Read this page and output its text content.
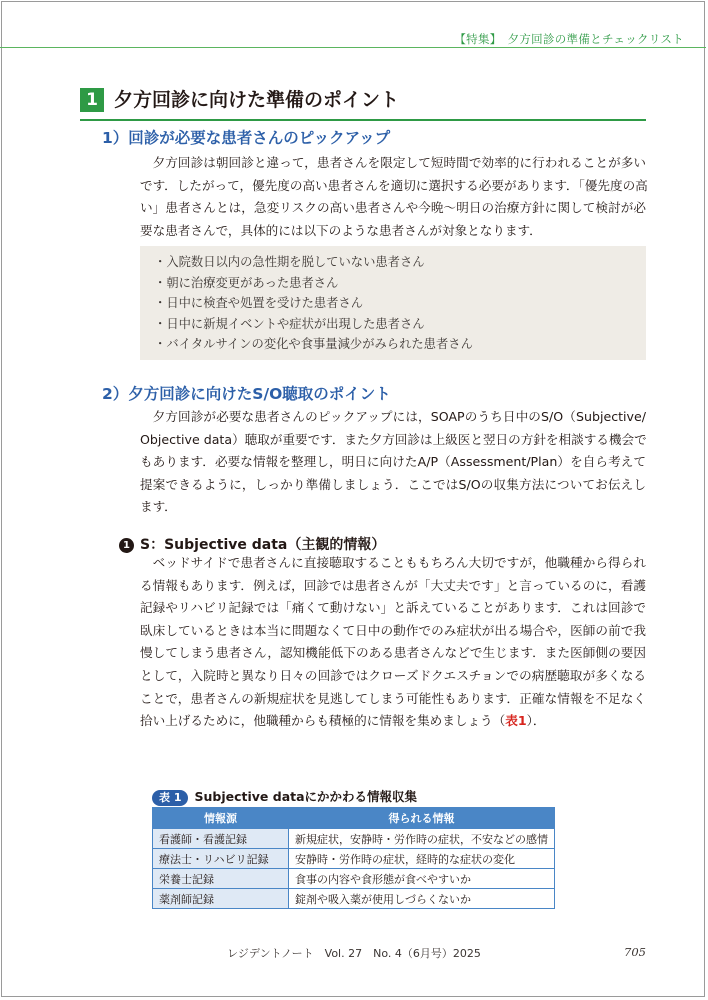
【特集】 夕方回診の準備とチェックリスト
1 夕方回診に向けた準備のポイント
1）回診が必要な患者さんのピックアップ
夕方回診は朝回診と違って，患者さんを限定して短時間で効率的に行われることが多い
です．したがって，優先度の高い患者さんを適切に選択する必要があります．「優先度の高
い」患者さんとは，急変リスクの高い患者さんや今晩〜明日の治療方針に関して検討が必
要な患者さんで，具体的には以下のような患者さんが対象となります．
・ 入院数日以内の急性期を脱していない患者さん
・ 朝に治療変更があった患者さん
・ 日中に検査や処置を受けた患者さん
・ 日中に新規イベントや症状が出現した患者さん
・ バイタルサインの変化や食事量減少がみられた患者さん
2）夕方回診に向けたS/O聴取のポイント
夕方回診が必要な患者さんのピックアップには，SOAPのうち日中のS/O（Subjective/
Objective data）聴取が重要です．また夕方回診は上級医と翌日の方針を相談する機会で
もあります．必要な情報を整理し，明日に向けたA/P（Assessment/Plan）を自ら考えて
提案できるように，しっかり準備しましょう．ここではS/Oの収集方法についてお伝えし
ます．
1 S：Subjective data（主観的情報）
ベッドサイドで患者さんに直接聴取することももちろん大切ですが，他職種から得られ
る情報もあります．例えば，回診では患者さんが「大丈夫です」と言っているのに，看護
記録やリハビリ記録では「痛くて動けない」と訴えていることがあります．これは回診で
臥床しているときは本当に問題なくて日中の動作でのみ症状が出る場合や，医師の前で我
慢してしまう患者さん，認知機能低下のある患者さんなどで生じます．また医師側の要因
として，入院時と異なり日々の回診ではクローズドクエスチョンでの病歴聴取が多くなる
ことで，患者さんの新規症状を見逃してしまう可能性もあります．正確な情報を不足なく
拾い上げるために，他職種からも積極的に情報を集めましょう（表1）．
表 1 Subjective dataにかかわる情報収集
情報源	得られる情報
看護師・看護記録	新規症状，安静時・労作時の症状，不安などの感情
療法士・リハビリ記録	安静時・労作時の症状，経時的な症状の変化
栄養士記録	食事の内容や食形態が食べやすいか
薬剤師記録	錠剤や吸入薬が使用しづらくないか
レジデントノート　Vol. 27　No. 4（6月号）2025	705
